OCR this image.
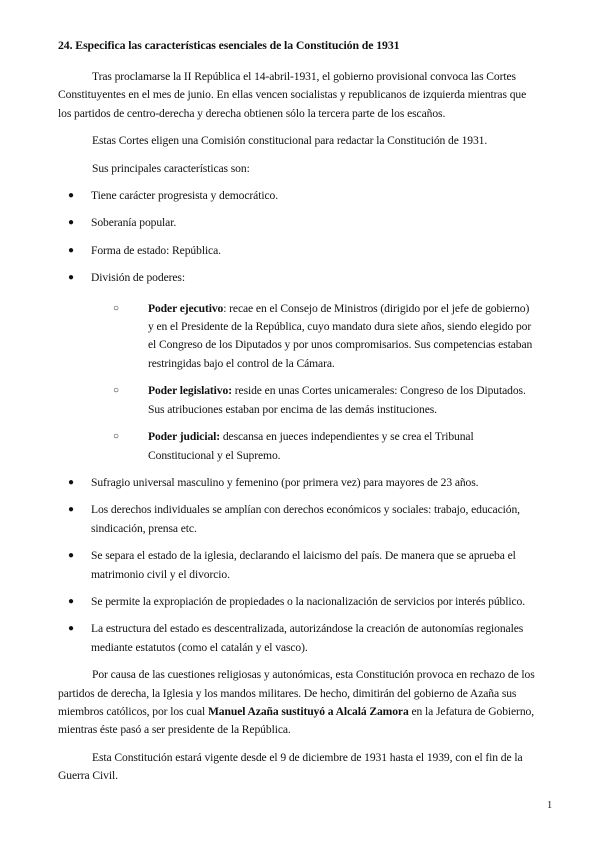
24. Especifica las características esenciales de la Constitución de 1931

Tras proclamarse la II República el 14-abril-1931, el gobierno provisional convoca las Cortes Constituyentes en el mes de junio. En ellas vencen socialistas y republicanos de izquierda mientras que los partidos de centro-derecha y derecha obtienen sólo la tercera parte de los escaños.

Estas Cortes eligen una Comisión constitucional para redactar la Constitución de 1931.

Sus principales características son:

● Tiene carácter progresista y democrático.
● Soberanía popular.
● Forma de estado: República.
● División de poderes:
○	Poder ejecutivo: recae en el Consejo de Ministros (dirigido por el jefe de gobierno) y en el Presidente de la República, cuyo mandato dura siete años, siendo elegido por el Congreso de los Diputados y por unos compromisarios. Sus competencias estaban restringidas bajo el control de la Cámara.
○	Poder legislativo: reside en unas Cortes unicamerales: Congreso de los Diputados. Sus atribuciones estaban por encima de las demás instituciones.
○	Poder judicial: descansa en jueces independientes y se crea el Tribunal Constitucional y el Supremo.
● Sufragio universal masculino y femenino (por primera vez) para mayores de 23 años.
● Los derechos individuales se amplían con derechos económicos y sociales: trabajo, educación, sindicación, prensa etc.
● Se separa el estado de la iglesia, declarando el laicismo del país. De manera que se aprueba el matrimonio civil y el divorcio.
● Se permite la expropiación de propiedades o la nacionalización de servicios por interés público.
● La estructura del estado es descentralizada, autorizándose la creación de autonomías regionales mediante estatutos (como el catalán y el vasco).

Por causa de las cuestiones religiosas y autonómicas, esta Constitución provoca en rechazo de los partidos de derecha, la Iglesia y los mandos militares. De hecho, dimitirán del gobierno de Azaña sus miembros católicos, por los cual Manuel Azaña sustituyó a Alcalá Zamora en la Jefatura de Gobierno, mientras éste pasó a ser presidente de la República.

Esta Constitución estará vigente desde el 9 de diciembre de 1931 hasta el 1939, con el fin de la Guerra Civil.

1
